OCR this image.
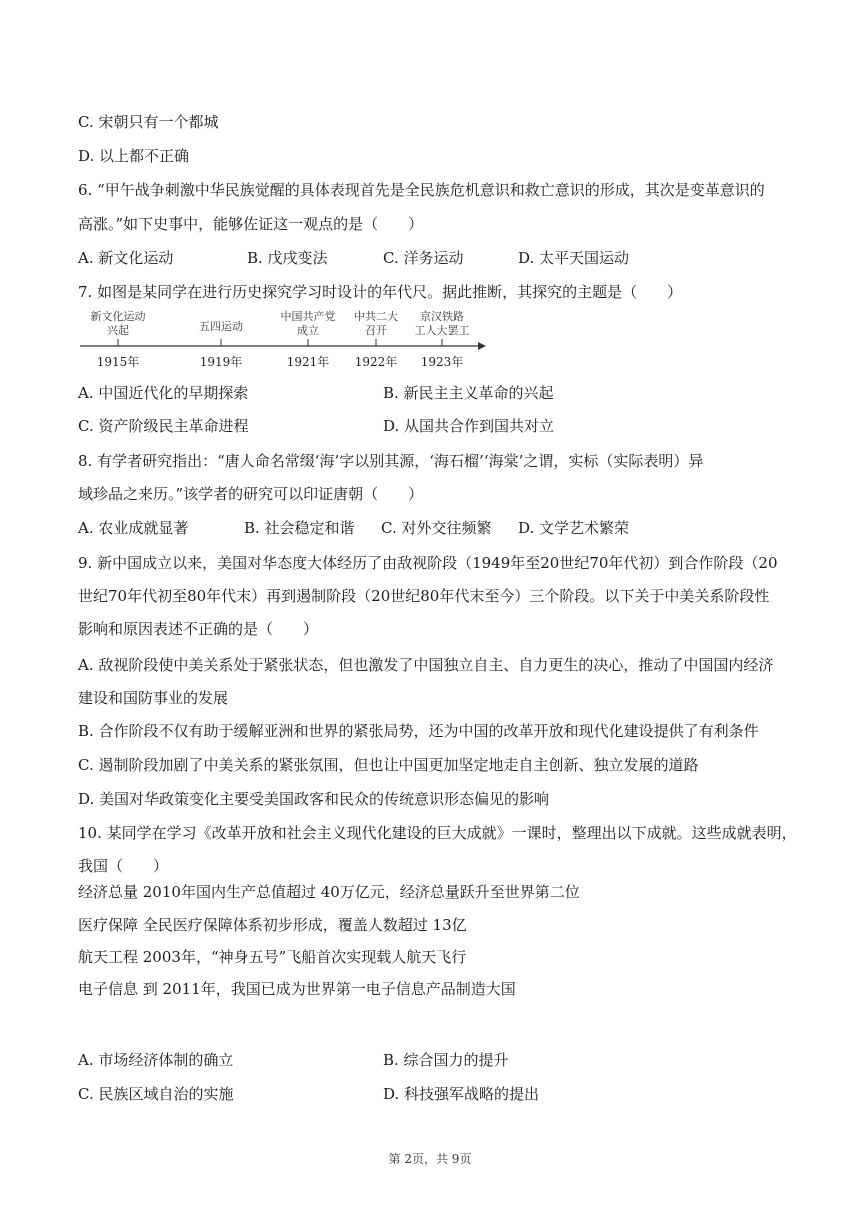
C. 宋朝只有一个都城
D. 以上都不正确
6. “甲午战争刺激中华民族觉醒的具体表现首先是全民族危机意识和救亡意识的形成，其次是变革意识的
高涨。”如下史事中，能够佐证这一观点的是（　　）
A. 新文化运动	B. 戊戌变法	C. 洋务运动	D. 太平天国运动
7. 如图是某同学在进行历史探究学习时设计的年代尺。据此推断，其探究的主题是（　　）
新文化运动
兴起
1915年
五四运动
1919年
中国共产党
成立
1921年
中共二大
召开
1922年
京汉铁路
工人大罢工
1923年
A. 中国近代化的早期探索	B. 新民主主义革命的兴起
C. 资产阶级民主革命进程	D. 从国共合作到国共对立
8. 有学者研究指出：“唐人命名常缀‘海’字以别其源，‘海石榴’‘海棠’之谓，实标（实际表明）异
域珍品之来历。”该学者的研究可以印证唐朝（　　）
A. 农业成就显著	B. 社会稳定和谐 C. 对外交往频繁 D. 文学艺术繁荣
9. 新中国成立以来，美国对华态度大体经历了由敌视阶段（1949年至20世纪70年代初）到合作阶段（20
世纪70年代初至80年代末）再到遏制阶段（20世纪80年代末至今）三个阶段。以下关于中美关系阶段性
影响和原因表述不正确的是（　　）
A. 敌视阶段使中美关系处于紧张状态，但也激发了中国独立自主、自力更生的决心，推动了中国国内经济
建设和国防事业的发展
B. 合作阶段不仅有助于缓解亚洲和世界的紧张局势，还为中国的改革开放和现代化建设提供了有利条件
C. 遏制阶段加剧了中美关系的紧张氛围，但也让中国更加坚定地走自主创新、独立发展的道路
D. 美国对华政策变化主要受美国政客和民众的传统意识形态偏见的影响
10. 某同学在学习《改革开放和社会主义现代化建设的巨大成就》一课时，整理出以下成就。这些成就表明，
我国（　　）
经济总量 2010年国内生产总值超过 40万亿元，经济总量跃升至世界第二位
医疗保障 全民医疗保障体系初步形成，覆盖人数超过 13亿
航天工程 2003年，“神身五号”飞船首次实现载人航天飞行
电子信息 到 2011年，我国已成为世界第一电子信息产品制造大国
A. 市场经济体制的确立	B. 综合国力的提升
C. 民族区域自治的实施	D. 科技强军战略的提出
第 2页，共 9页
